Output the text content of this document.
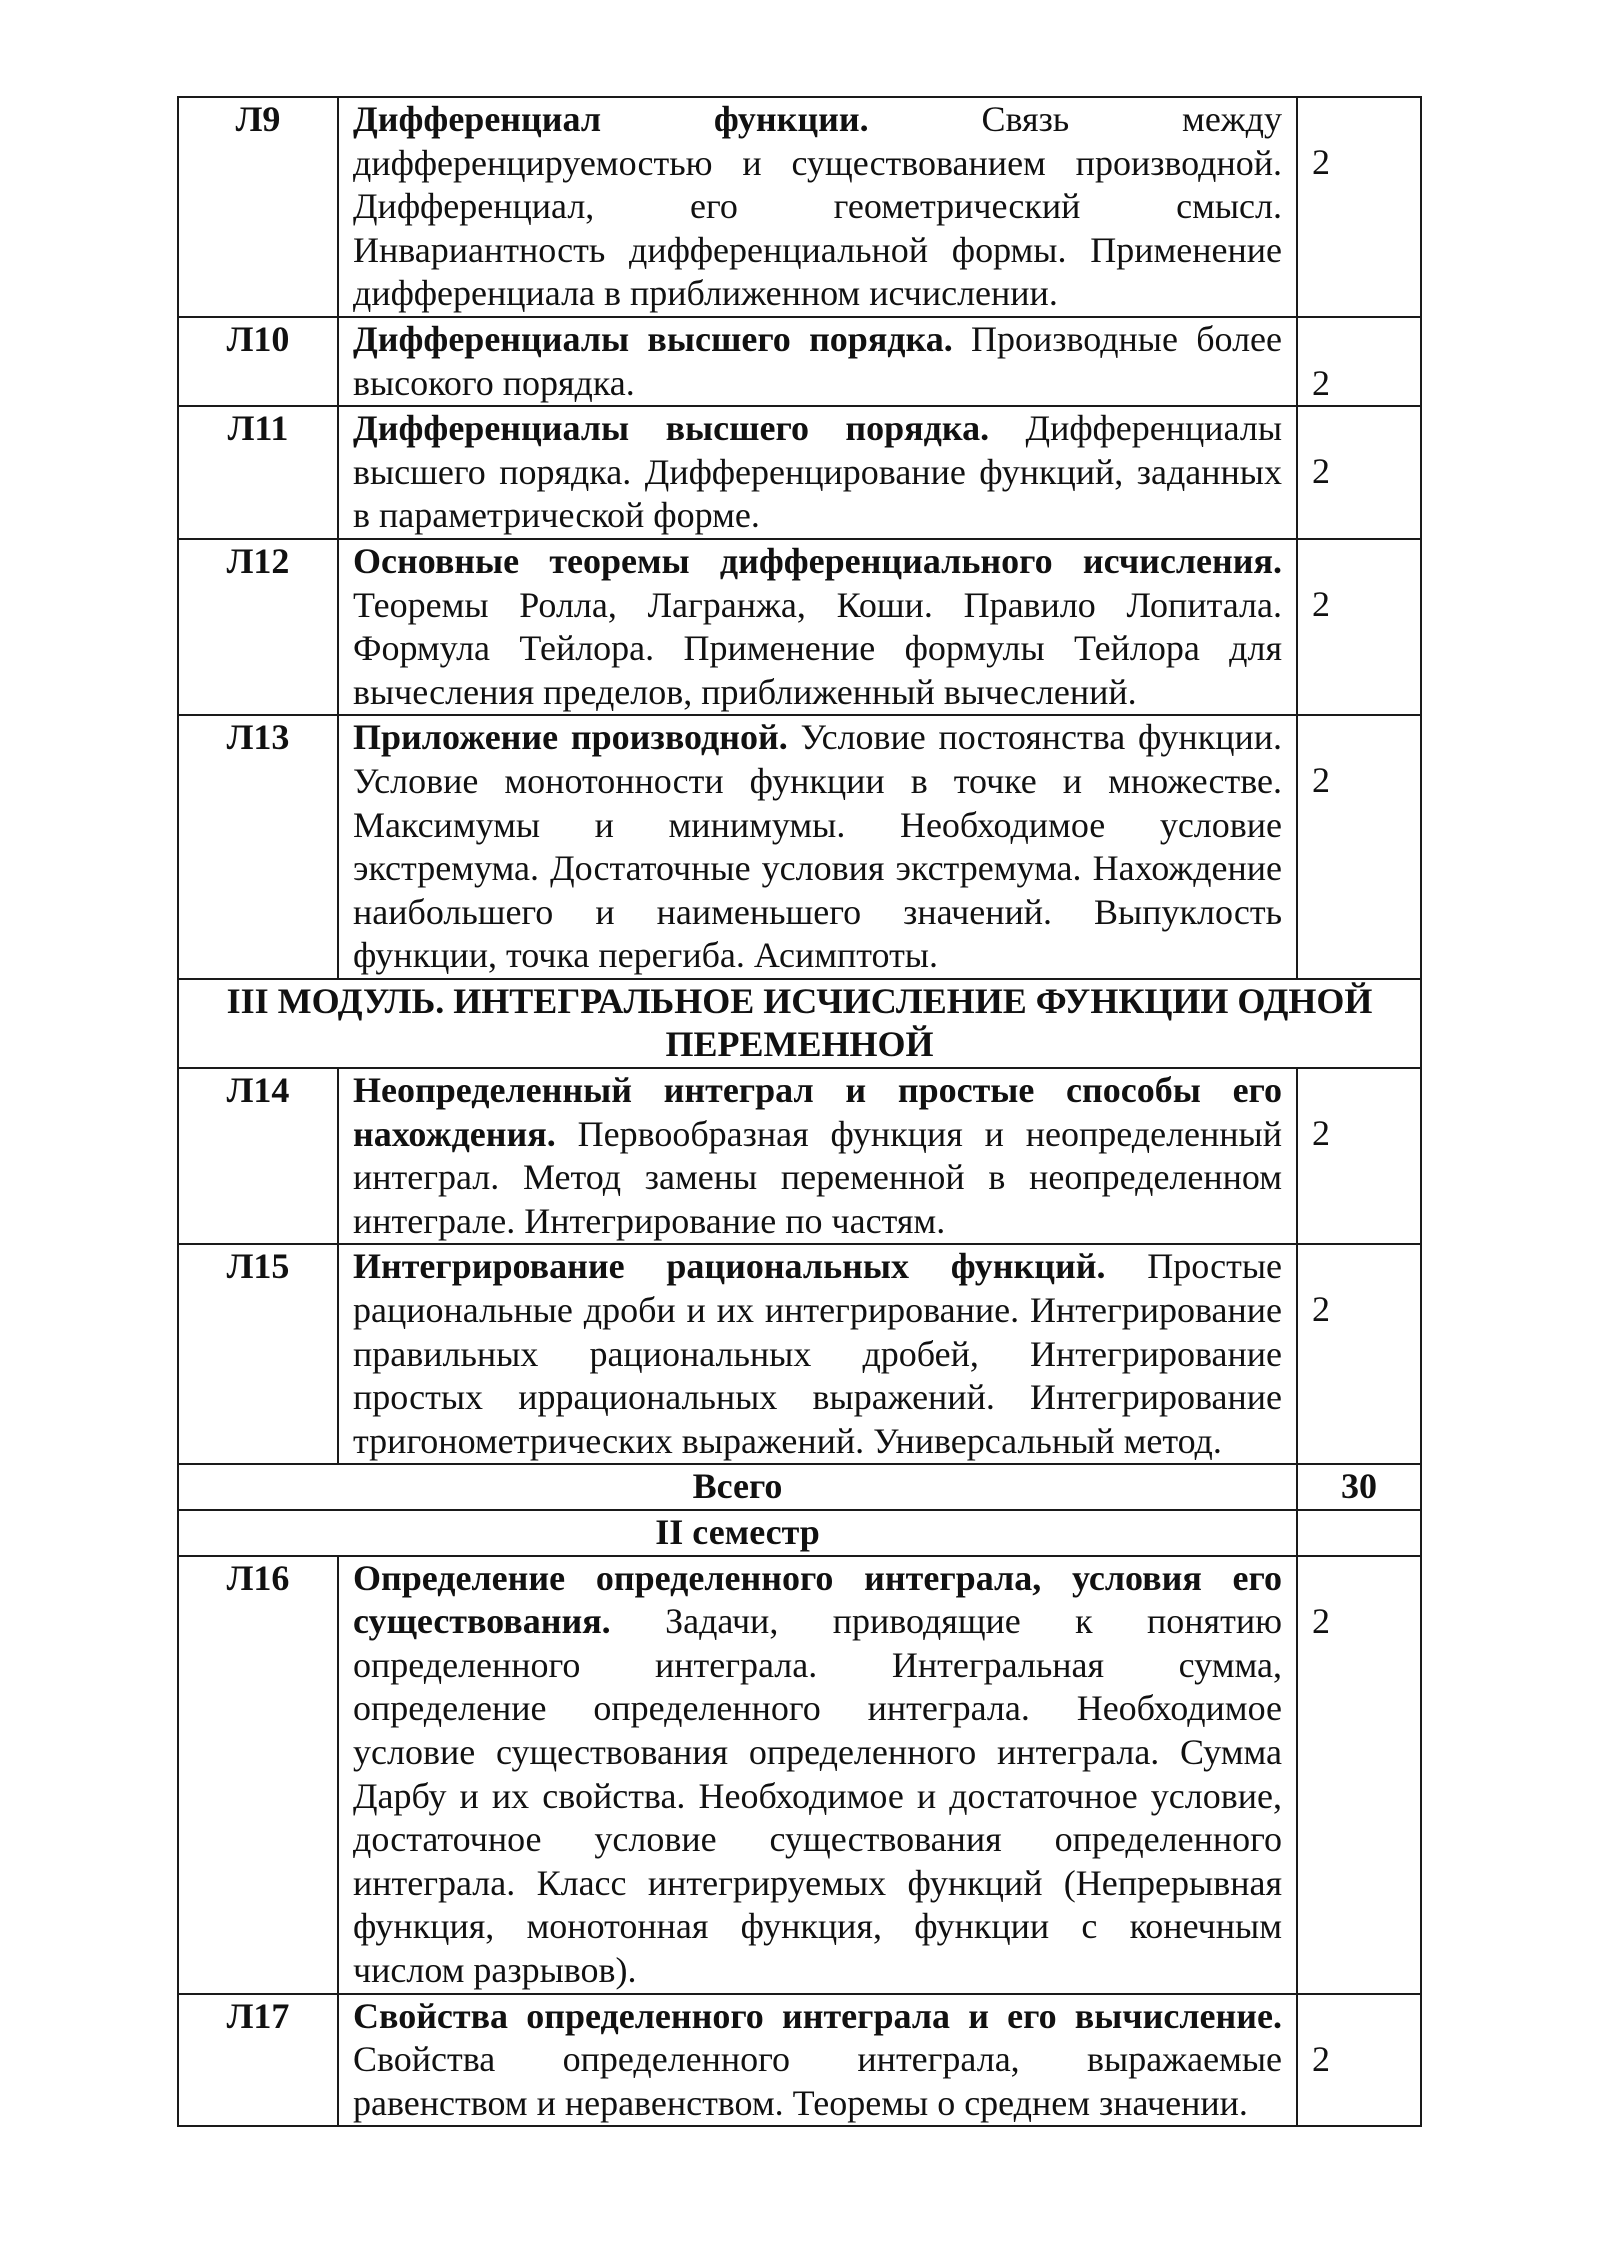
Л9	Дифференциал функции. Связь между дифференцируемостью и существованием производной. Дифференциал, его геометрический смысл. Инвариантность дифференциальной формы. Применение дифференциала в приближенном исчислении.	2
Л10	Дифференциалы высшего порядка. Производные более высокого порядка.	2
Л11	Дифференциалы высшего порядка. Дифференциалы высшего порядка. Дифференцирование функций, заданных в параметрической форме.	2
Л12	Основные теоремы дифференциального исчисления. Теоремы Ролла, Лагранжа, Коши. Правило Лопитала. Формула Тейлора. Применение формулы Тейлора для вычесления пределов, приближенный вычеслений.	2
Л13	Приложение производной. Условие постоянства функции. Условие монотонности функции в точке и множестве. Максимумы и минимумы. Необходимое условие экстремума. Достаточные условия экстремума. Нахождение наибольшего и наименьшего значений. Выпуклость функции, точка перегиба. Асимптоты.	2
III МОДУЛЬ. ИНТЕГРАЛЬНОЕ ИСЧИСЛЕНИЕ ФУНКЦИИ ОДНОЙ ПЕРЕМЕННОЙ		
Л14	Неопределенный интеграл и простые способы его нахождения. Первообразная функция и неопределенный интеграл. Метод замены переменной в неопределенном интеграле. Интегрирование по частям.	2
Л15	Интегрирование рациональных функций. Простые рациональные дроби и их интегрирование. Интегрирование правильных рациональных дробей, Интегрирование простых иррациональных выражений. Интегрирование тригонометрических выражений. Универсальный метод.	2
Всего		30
II семестр		
Л16	Определение определенного интеграла, условия его существования. Задачи, приводящие к понятию определенного интеграла. Интегральная сумма, определение определенного интеграла. Необходимое условие существования определенного интеграла. Сумма Дарбу и их свойства. Необходимое и достаточное условие, достаточное условие существования определенного интеграла. Класс интегрируемых функций (Непрерывная функция, монотонная функция, функции с конечным числом разрывов).	2
Л17	Свойства определенного интеграла и его вычисление. Свойства определенного интеграла, выражаемые равенством и неравенством. Теоремы о среднем значении.	2
